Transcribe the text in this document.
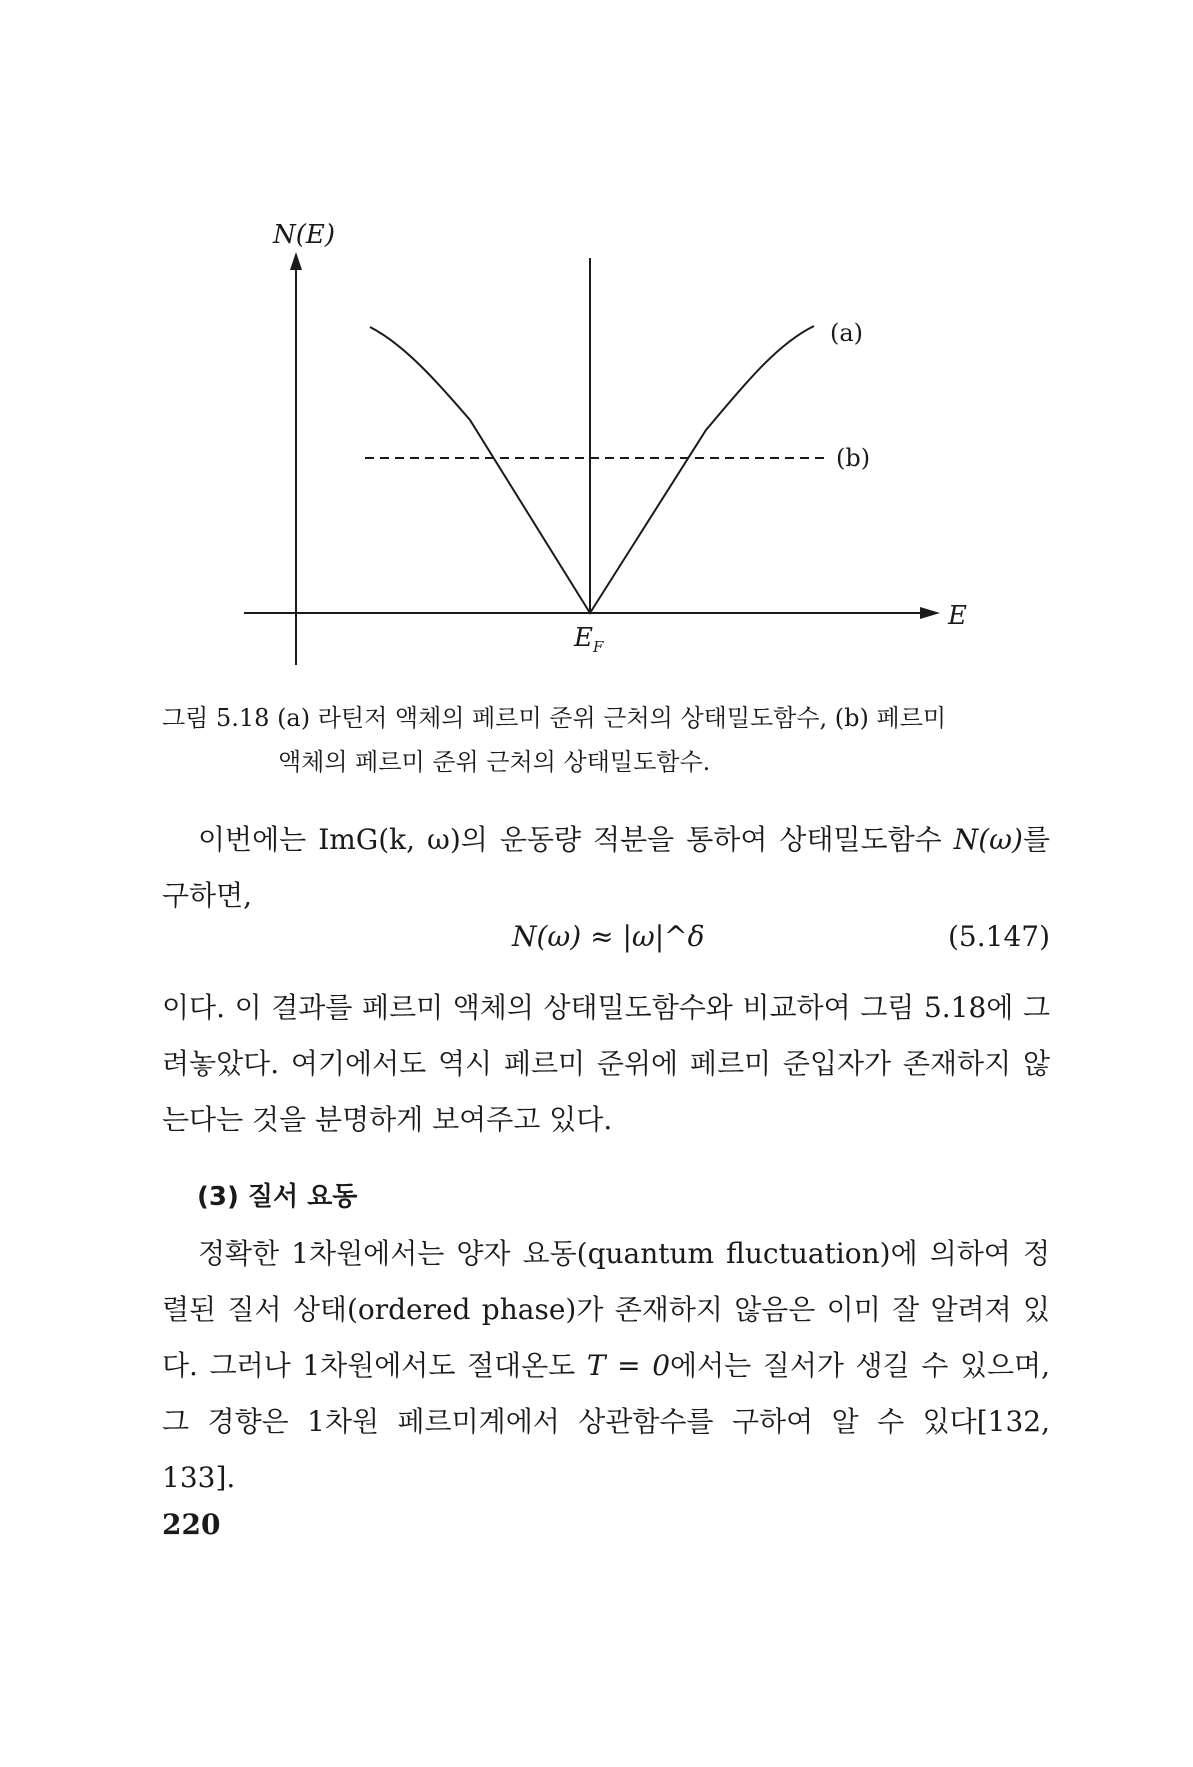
N(E)
E
(a)
(b)
$E_F$
그림 5.18 (a) 라틴저 액체의 페르미 준위 근처의 상태밀도함수, (b) 페르미
액체의 페르미 준위 근처의 상태밀도함수.

이번에는 ImG(k, ω)의 운동량 적분을 통하여 상태밀도함수 N(ω)를 구하면,

N(ω) ≈ |ω|^δ	(5.147)

이다. 이 결과를 페르미 액체의 상태밀도함수와 비교하여 그림 5.18에 그려놓았다. 여기에서도 역시 페르미 준위에 페르미 준입자가 존재하지 않는다는 것을 분명하게 보여주고 있다.

(3) 질서 요동

정확한 1차원에서는 양자 요동(quantum fluctuation)에 의하여 정렬된 질서 상태(ordered phase)가 존재하지 않음은 이미 잘 알려져 있다. 그러나 1차원에서도 절대온도 T = 0에서는 질서가 생길 수 있으며, 그 경향은 1차원 페르미계에서 상관함수를 구하여 알 수 있다[132, 133].

220
